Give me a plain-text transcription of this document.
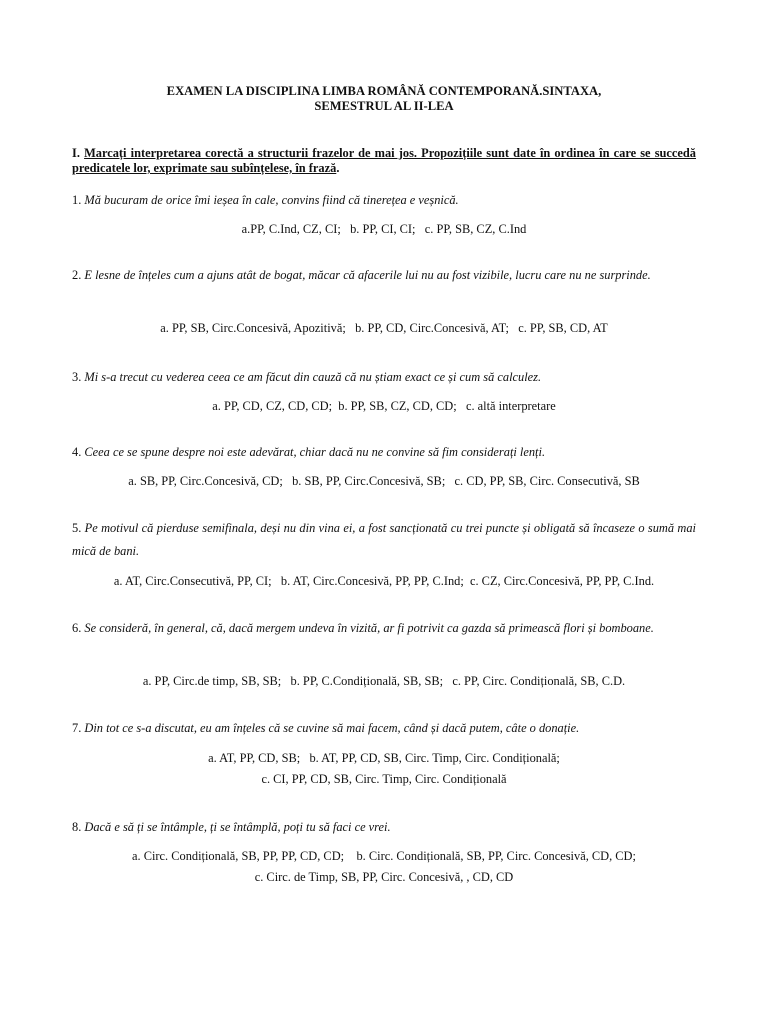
EXAMEN LA DISCIPLINA LIMBA ROMÂNĂ CONTEMPORANĂ.SINTAXA,
SEMESTRUL AL II-LEA
I. Marcați interpretarea corectă a structurii frazelor de mai jos. Propozițiile sunt date în ordinea în care se succedă predicatele lor, exprimate sau subînțelese, în frază.
1. Mă bucuram de orice îmi ieșea în cale, convins fiind că tinerețea e veșnică.
a.PP, C.Ind, CZ, CI;   b. PP, CI, CI;   c. PP, SB, CZ, C.Ind
2. E lesne de înțeles cum a ajuns atât de bogat, măcar că afacerile lui nu au fost vizibile, lucru care nu ne surprinde.
a. PP, SB, Circ.Concesivă, Apozitivă;   b. PP, CD, Circ.Concesivă, AT;   c. PP, SB, CD, AT
3. Mi s-a trecut cu vederea ceea ce am făcut din cauză că nu știam exact ce și cum să calculez.
a. PP, CD, CZ, CD, CD;  b. PP, SB, CZ, CD, CD;   c. altă interpretare
4. Ceea ce se spune despre noi este adevărat, chiar dacă nu ne convine să fim considerați lenți.
a. SB, PP, Circ.Concesivă, CD;   b. SB, PP, Circ.Concesivă, SB;   c. CD, PP, SB, Circ. Consecutivă, SB
5. Pe motivul că pierduse semifinala, deși nu din vina ei, a fost sancționată cu trei puncte și obligată să încaseze o sumă mai mică de bani.
a. AT, Circ.Consecutivă, PP, CI;   b. AT, Circ.Concesivă, PP, PP, C.Ind;  c. CZ, Circ.Concesivă, PP, PP, C.Ind.
6. Se consideră, în general, că, dacă mergem undeva în vizită, ar fi potrivit ca gazda să primească flori și bomboane.
a. PP, Circ.de timp, SB, SB;   b. PP, C.Condițională, SB, SB;   c. PP, Circ. Condițională, SB, C.D.
7. Din tot ce s-a discutat, eu am înțeles că se cuvine să mai facem, când și dacă putem, câte o donație.
a. AT, PP, CD, SB;   b. AT, PP, CD, SB, Circ. Timp, Circ. Condițională;
c. CI, PP, CD, SB, Circ. Timp, Circ. Condițională
8. Dacă e să ți se întâmple, ți se întâmplă, poți tu să faci ce vrei.
a. Circ. Condițională, SB, PP, PP, CD, CD;    b. Circ. Condițională, SB, PP, Circ. Concesivă, CD, CD;
c. Circ. de Timp, SB, PP, Circ. Concesivă, , CD, CD
